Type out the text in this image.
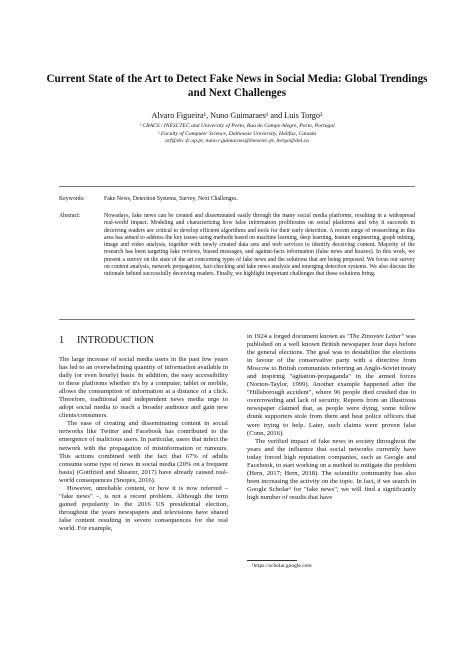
Current State of the Art to Detect Fake News in Social Media: Global Trendings and Next Challenges
Alvaro Figueira¹, Nuno Guimaraes¹ and Luis Torgo²
¹ CRACS / INESCTEC and University of Porto, Rua do Campo Alegre, Porto, Portugal
² Faculty of Computer Science, Dalhousie University, Halifax, Canada
arf@dcc.fc.up.pt, nuno.r.guimaraes@inesctec.pt, ltorgo@dal.ca
Keywords:	Fake News, Detection Systems, Survey, Next Challenges.
Abstract:	Nowadays, fake news can be created and disseminated easily through the many social media platforms, resulting in a widespread real-world impact. Modeling and characterizing how false information proliferates on social platforms and why it succeeds in deceiving readers are critical to develop efficient algorithms and tools for their early detection. A recent surge of researching in this area has aimed to address the key issues using methods based on machine learning, deep learning, feature engineering, graph mining, image and video analysis, together with newly created data sets and web services to identify deceiving content. Majority of the research has been targeting fake reviews, biased messages, and against-facts information (false news and hoaxes). In this work, we present a survey on the state of the art concerning types of fake news and the solutions that are being proposed. We focus our survey on content analysis, network propagation, fact-checking and fake news analysis and emerging detection systems. We also discuss the rationale behind successfully deceiving readers. Finally, we highlight important challenges that these solutions bring.
1 INTRODUCTION

The large increase of social media users in the past few years has led to an overwhelming quantity of information available in daily (or even hourly) basis. In addition, the easy accessibility to these platforms whether it's by a computer, tablet or mobile, allows the consumption of information at a distance of a click. Therefore, traditional and independent news media urge to adopt social media to reach a broader audience and gain new clients/consumers.

The ease of creating and disseminating content in social networks like Twitter and Facebook has contributed to the emergence of malicious users. In particular, users that infect the network with the propagation of misinformation or rumours. This actions combined with the fact that 67% of adults consume some type of news in social media (20% on a frequent basis) (Gottfried and Shearer, 2017) have already caused real-world consequences (Snopes, 2016).

However, unreliable content, or how it is now referred – "fake news" –, is not a recent problem. Although the term gained popularity in the 2016 US presidential election, throughout the years newspapers and televisions have shared false content resulting in severe consequences for the real world. For example,

in 1924 a forged document known as "The Zinoviev Letter" was published on a well known British newspaper four days before the general elections. The goal was to destabilize the elections in favour of the conservative party with a directive from Moscow to British communists referring an Anglo-Soviet treaty and inspiring "agitation-propaganda" in the armed forces (Norton-Taylor, 1999). Another example happened after the "Hillsborough accident", where 96 people died crushed due to overcrowding and lack of security. Reports from an illustrious newspaper claimed that, as people were dying, some fellow drunk supporters stole from them and beat police officers that were trying to help. Later, such claims were proven false (Conn, 2016).

The verified impact of fake news in society throughout the years and the influence that social networks currently have today forced high reputation companies, such as Google and Facebook, to start working on a method to mitigate the problem (Hern, 2017; Hern, 2018). The scientific community has also been increasing the activity on the topic. In fact, if we search in Google Scholar¹ for "fake news", we will find a significantly high number of results that have

¹https://scholar.google.com
